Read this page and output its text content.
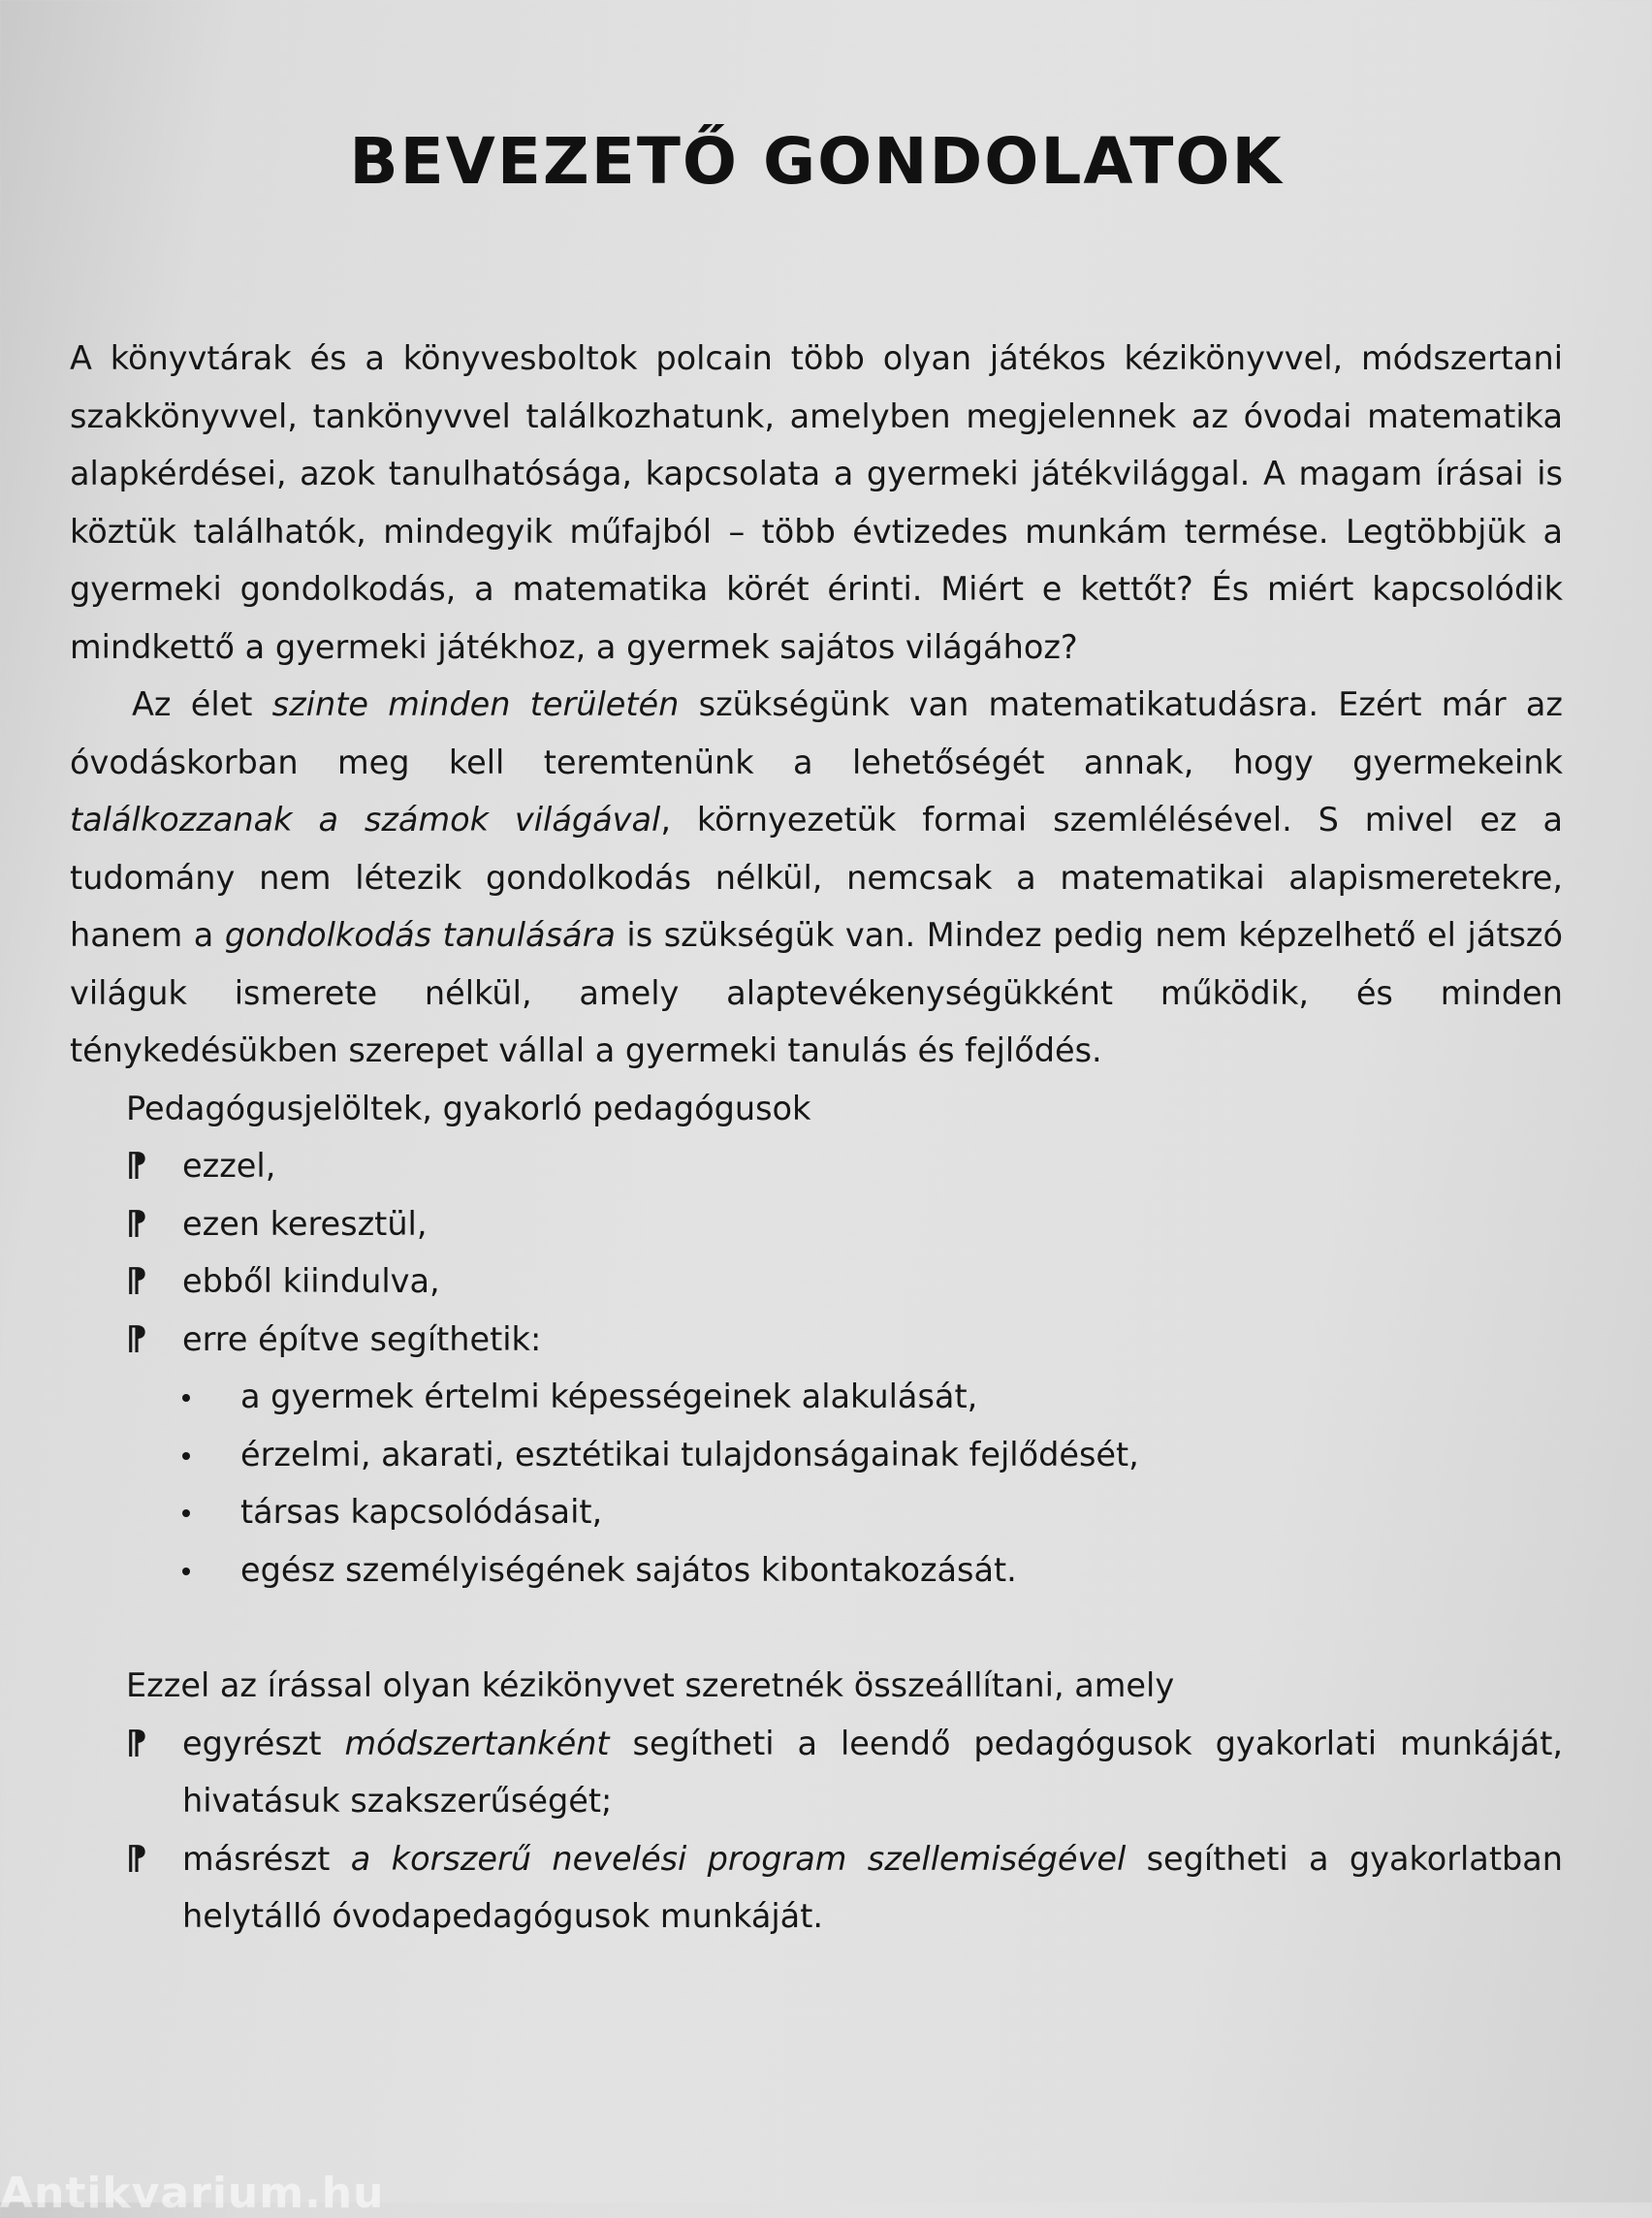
BEVEZETŐ GONDOLATOK

A könyvtárak és a könyvesboltok polcain több olyan játékos kézikönyvvel, módszertani szakkönyvvel, tankönyvvel találkozhatunk, amelyben megjelennek az óvodai matematika alapkérdései, azok tanulhatósága, kapcsolata a gyermeki játékvilággal. A magam írásai is köztük találhatók, mindegyik műfajból – több évtizedes munkám termése. Legtöbbjük a gyermeki gondolkodás, a matematika körét érinti. Miért e kettőt? És miért kapcsolódik mindkettő a gyermeki játékhoz, a gyermek sajátos világához?

Az élet szinte minden területén szükségünk van matematikatudásra. Ezért már az óvodáskorban meg kell teremtenünk a lehetőségét annak, hogy gyermekeink találkozzanak a számok világával, környezetük formai szemlélésével. S mivel ez a tudomány nem létezik gondolkodás nélkül, nemcsak a matematikai alapismeretekre, hanem a gondolkodás tanulására is szükségük van. Mindez pedig nem képzelhető el játszó világuk ismerete nélkül, amely alaptevékenységükként működik, és minden ténykedésükben szerepet vállal a gyermeki tanulás és fejlődés.

Pedagógusjelöltek, gyakorló pedagógusok

⁋
ezzel,
⁋
ezen keresztül,
⁋
ebből kiindulva,
⁋
erre építve segíthetik:
a gyermek értelmi képességeinek alakulását,
érzelmi, akarati, esztétikai tulajdonságainak fejlődését,
társas kapcsolódásait,
egész személyiségének sajátos kibontakozását.

Ezzel az írással olyan kézikönyvet szeretnék összeállítani, amely

⁋
egyrészt módszertanként segítheti a leendő pedagógusok gyakorlati munkáját, hivatásuk szakszerűségét;
⁋
másrészt a korszerű nevelési program szellemiségével segítheti a gyakorlatban helytálló óvodapedagógusok munkáját.
Antikvarium.hu
